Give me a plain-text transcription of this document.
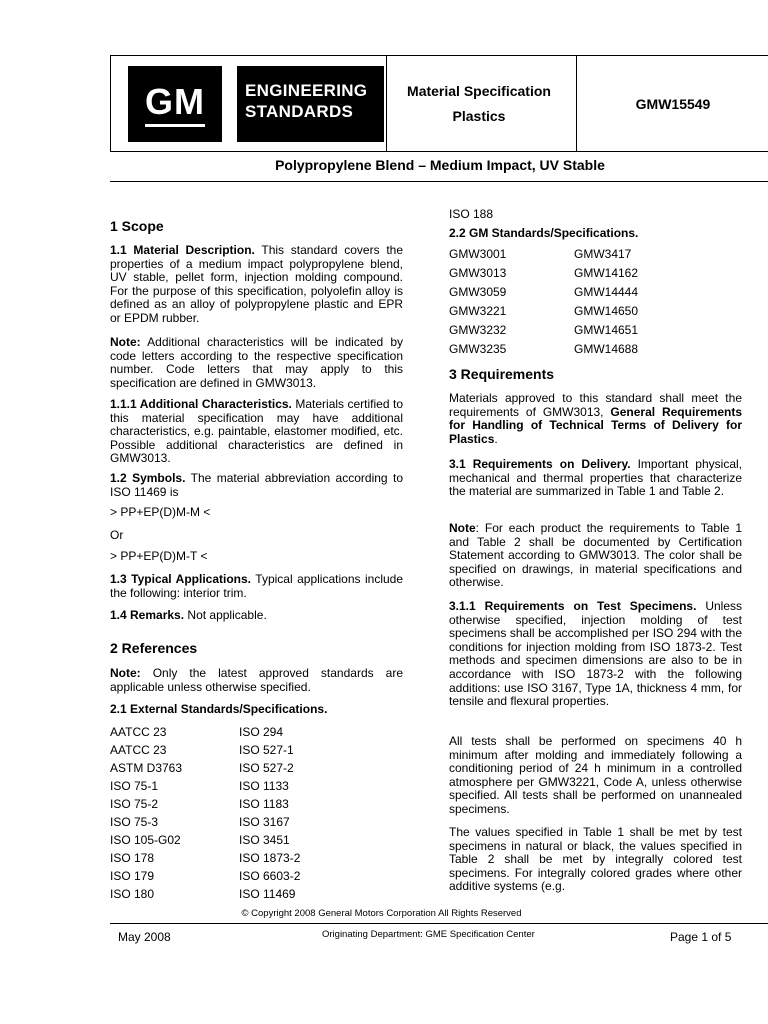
GM ENGINEERING
STANDARDS
Material Specification
Plastics
GMW15549
Polypropylene Blend – Medium Impact, UV Stable
1 Scope

1.1 Material Description. This standard covers the properties of a medium impact polypropylene blend, UV stable, pellet form, injection molding compound. For the purpose of this specification, polyolefin alloy is defined as an alloy of polypropylene plastic and EPR or EPDM rubber.

Note: Additional characteristics will be indicated by code letters according to the respective specification number. Code letters that may apply to this specification are defined in GMW3013.

1.1.1 Additional Characteristics. Materials certified to this material specification may have additional characteristics, e.g. paintable, elastomer modified, etc. Possible additional characteristics are defined in GMW3013.

1.2 Symbols. The material abbreviation according to ISO 11469 is

> PP+EP(D)M-M <
Or
> PP+EP(D)M-T <

1.3 Typical Applications. Typical applications include the following: interior trim.

1.4 Remarks. Not applicable.

2 References

Note: Only the latest approved standards are applicable unless otherwise specified.

2.1 External Standards/Specifications.
AATCC 23	ISO 294
AATCC 23	ISO 527-1
ASTM D3763	ISO 527-2
ISO 75-1	ISO 1133
ISO 75-2	ISO 1183
ISO 75-3	ISO 3167
ISO 105-G02	ISO 3451
ISO 178	ISO 1873-2
ISO 179	ISO 6603-2
ISO 180	ISO 11469
ISO 188
2.2 GM Standards/Specifications.
GMW3001	GMW3417
GMW3013	GMW14162
GMW3059	GMW14444
GMW3221	GMW14650
GMW3232	GMW14651
GMW3235	GMW14688
3 Requirements

Materials approved to this standard shall meet the requirements of GMW3013, General Requirements for Handling of Technical Terms of Delivery for Plastics.

3.1 Requirements on Delivery. Important physical, mechanical and thermal properties that characterize the material are summarized in Table 1 and Table 2.

Note: For each product the requirements to Table 1 and Table 2 shall be documented by Certification Statement according to GMW3013. The color shall be specified on drawings, in material specifications and otherwise.

3.1.1 Requirements on Test Specimens. Unless otherwise specified, injection molding of test specimens shall be accomplished per ISO 294 with the conditions for injection molding from ISO 1873-2. Test methods and specimen dimensions are also to be in accordance with ISO 1873-2 with the following additions: use ISO 3167, Type 1A, thickness 4 mm, for tensile and flexural properties.

All tests shall be performed on specimens 40 h minimum after molding and immediately following a conditioning period of 24 h minimum in a controlled atmosphere per GMW3221, Code A, unless otherwise specified. All tests shall be performed on unannealed specimens.

The values specified in Table 1 shall be met by test specimens in natural or black, the values specified in Table 2 shall be met by integrally colored test specimens. For integrally colored grades where other additive systems (e.g.

© Copyright 2008 General Motors Corporation All Rights Reserved
May 2008	Originating Department: GME Specification Center	Page 1 of 5
